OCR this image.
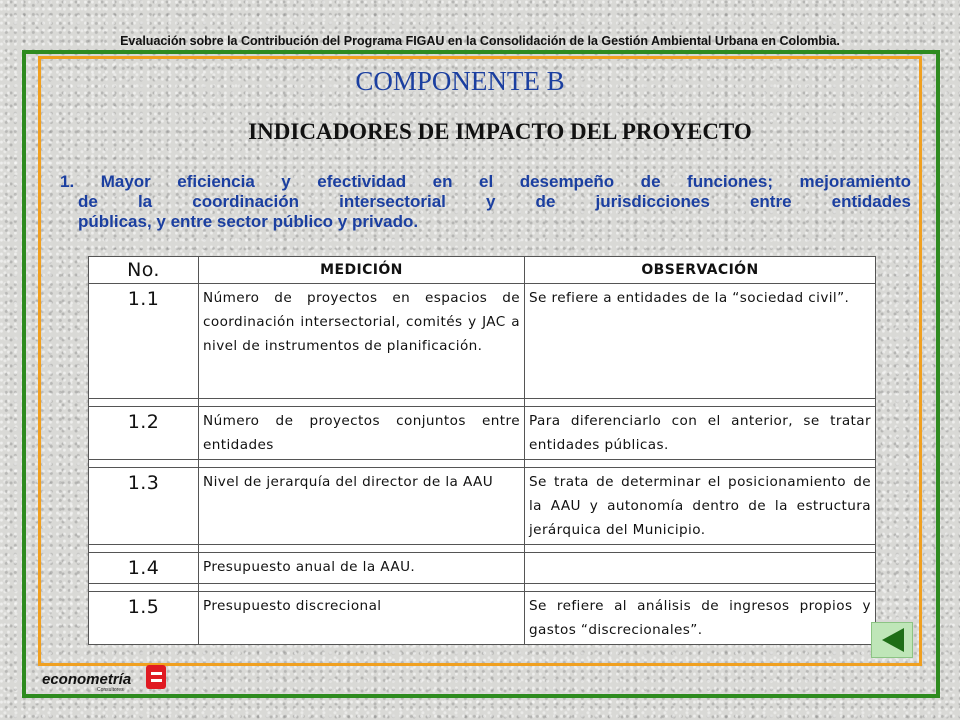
Evaluación sobre la Contribución del Programa FIGAU en la Consolidación de la Gestión Ambiental Urbana en Colombia.
COMPONENTE B
INDICADORES DE IMPACTO DEL PROYECTO
1. Mayor eficiencia y efectividad en el desempeño de funciones; mejoramiento
de la coordinación intersectorial y de jurisdicciones entre entidades
públicas, y entre sector público y privado.
No.	MEDICIÓN	OBSERVACIÓN
1.1	Número de proyectos en espacios de coordinación intersectorial, comités y JAC a nivel de instrumentos de planificación.	Se refiere a entidades de la “sociedad civil”.

1.2	Número de proyectos conjuntos entre entidades	Para diferenciarlo con el anterior, se tratar entidades públicas.

1.3	Nivel de jerarquía del director de la AAU	Se trata de determinar el posicionamiento de la AAU y autonomía dentro de la estructura jerárquica del Municipio.

1.4	Presupuesto anual de la AAU.	

1.5	Presupuesto discrecional	Se refiere al análisis de ingresos propios y gastos “discrecionales”.
econometría
Consultores
